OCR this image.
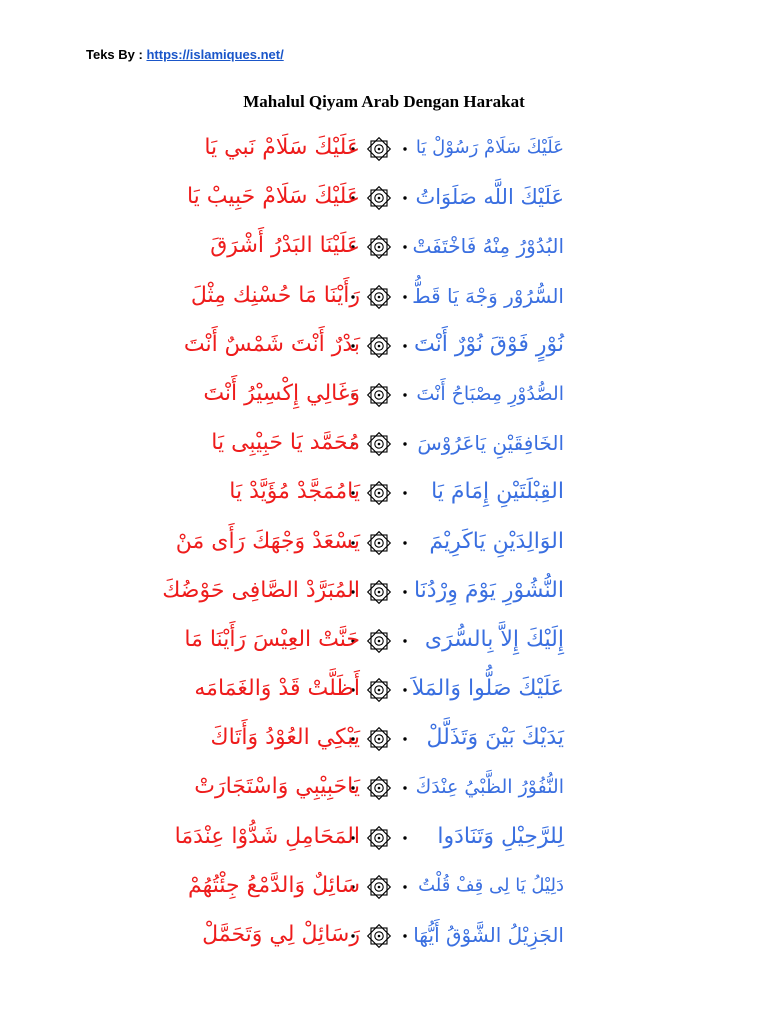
Teks By : https://islamiques.net/
Mahalul Qiyam Arab Dengan Harakat
عَلَيْكَ سَلَامْ رَسُوْلْ يَا
عَلَيْكَ سَلَامْ نَبي يَا
عَلَيْكَ اللَّه صَلَوَاتُ
عَلَيْكَ سَلَامْ حَبِيبْ يَا
البُدُوْرُ مِنْهُ فَاخْتَفَتْ
عَلَيْنَا البَدْرُ أَشْرَقَ
السُّرُوْر وَجْهَ يَا قَطُّ
رَأَيْنَا مَا حُسْنِك مِثْلَ
نُوْرٍ فَوْقَ نُوْرٌ أَنْتَ
بَدْرٌ أَنْتَ شَمْسٌ أَنْتَ
الصُّدُوْرِ مِصْبَاحُ أَنْتَ
وَغَالِي إِكْسِيْرُ أَنْتَ
الخَافِقَيْنِ يَاعَرُوْسَ
مُحَمَّد يَا حَبِيْبِى يَا
القِبْلَتَيْنِ إِمَامَ يَا
يَامُمَجَّدْ مُؤَيَّدْ يَا
الوَالِدَيْنِ يَاكَرِيْمَ
يَسْعَدْ وَجْهَكَ رَأَى مَنْ
النُّشُوْرِ يَوْمَ وِرْدُنَا
المُبَرَّدْ الصَّافِى حَوْضُكَ
إِلَيْكَ إِلاَّ بِالسُّرَى
حَنَّتْ العِيْسَ رَأَيْنَا مَا
عَلَيْكَ صَلُّوا وَالمَلاَ
أَظَلَّتْ قَدْ وَالغَمَامَه
يَدَيْكَ بَيْنَ وَتَذَلَّلْ
يَبْكِي العُوْدُ وَأَتَاكَ
النُّفُوْرُ الظَّبْيُ عِنْدَكَ
يَاحَبِيْبِي وَاسْتَجَارَتْ
لِلرَّحِيْلِ وَتَنَادَوا
المَحَامِلِ شَدُّوْا عِنْدَمَا
دَلِيْلُ يَا لِى قِفْ قُلْتُ
سَائِلٌ وَالدَّمْعُ جِئْتُهُمْ
الجَزِيْلُ الشَّوْقُ أَيُّهَا
رَسَائِلْ لِي وَتَحَمَّلْ
